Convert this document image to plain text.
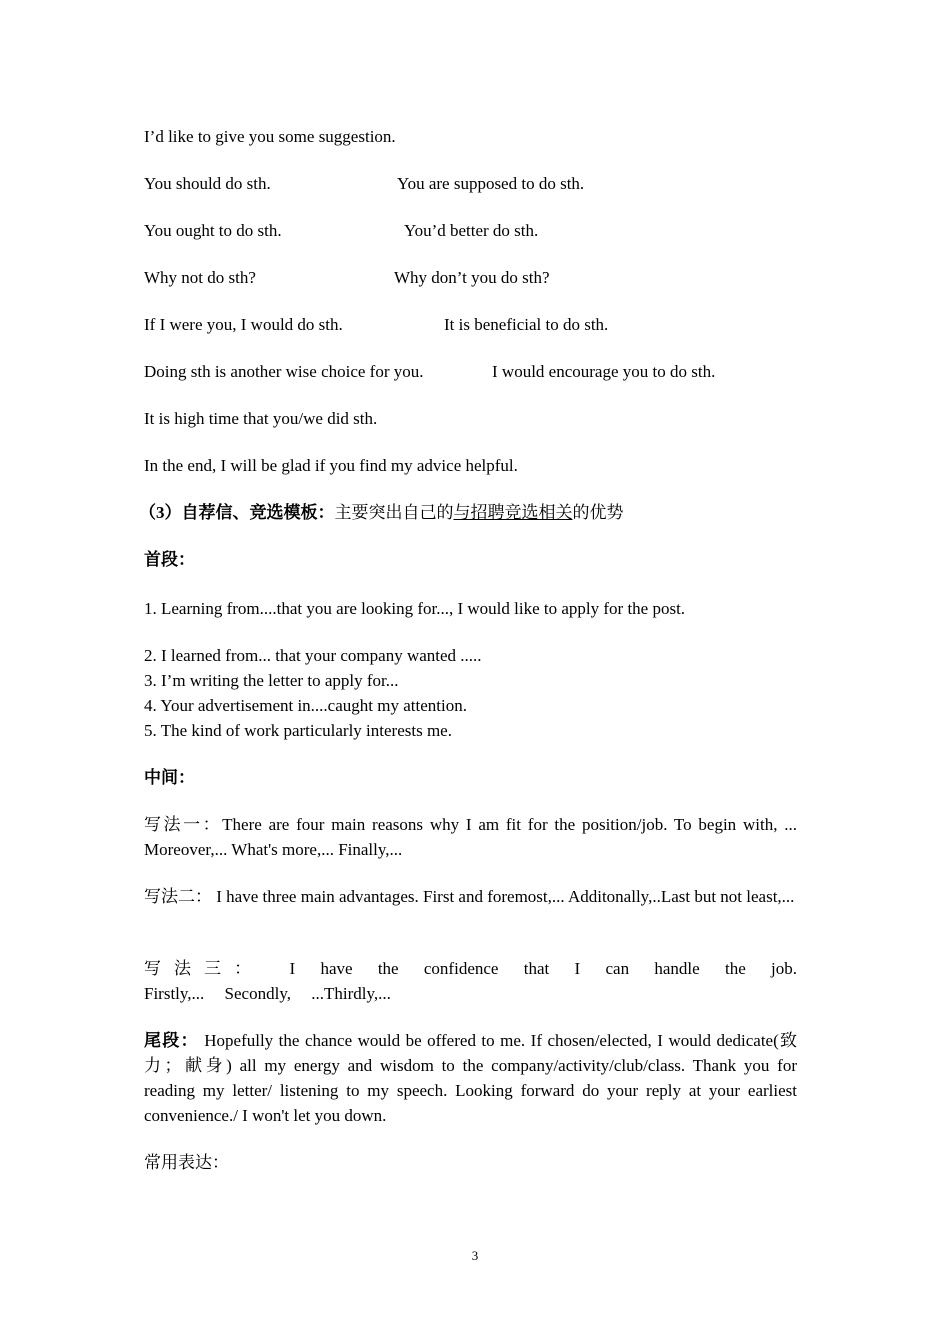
I’d like to give you some suggestion.
You should do sth.	You are supposed to do sth.
You ought to do sth.	You’d better do sth.
Why not do sth?	Why don’t you do sth?
If I were you, I would do sth.	It is beneficial to do sth.
Doing sth is another wise choice for you.	I would encourage you to do sth.
It is high time that you/we did sth.
In the end, I will be glad if you find my advice helpful.
（3）自荐信、竞选模板：主要突出自己的与招聘竞选相关的优势
首段：
1. Learning from....that you are looking for..., I would like to apply for the post.
2. I learned from... that your company wanted .....
3. I’m writing the letter to apply for...
4. Your advertisement in....caught my attention.
5. The kind of work particularly interests me.
中间：
写法一：There are four main reasons why I am fit for the position/job. To begin with, ... Moreover,... What's more,... Finally,...
写法二： I have three main advantages. First and foremost,... Additonally,..Last but not least,...
写法三： I have the confidence that I can handle the job. Firstly,... Secondly, ...Thirdly,...
尾段： Hopefully the chance would be offered to me. If chosen/elected, I would dedicate(致力；献身) all my energy and wisdom to the company/activity/club/class. Thank you for reading my letter/ listening to my speech. Looking forward do your reply at your earliest convenience./ I won't let you down.
常用表达：
3
